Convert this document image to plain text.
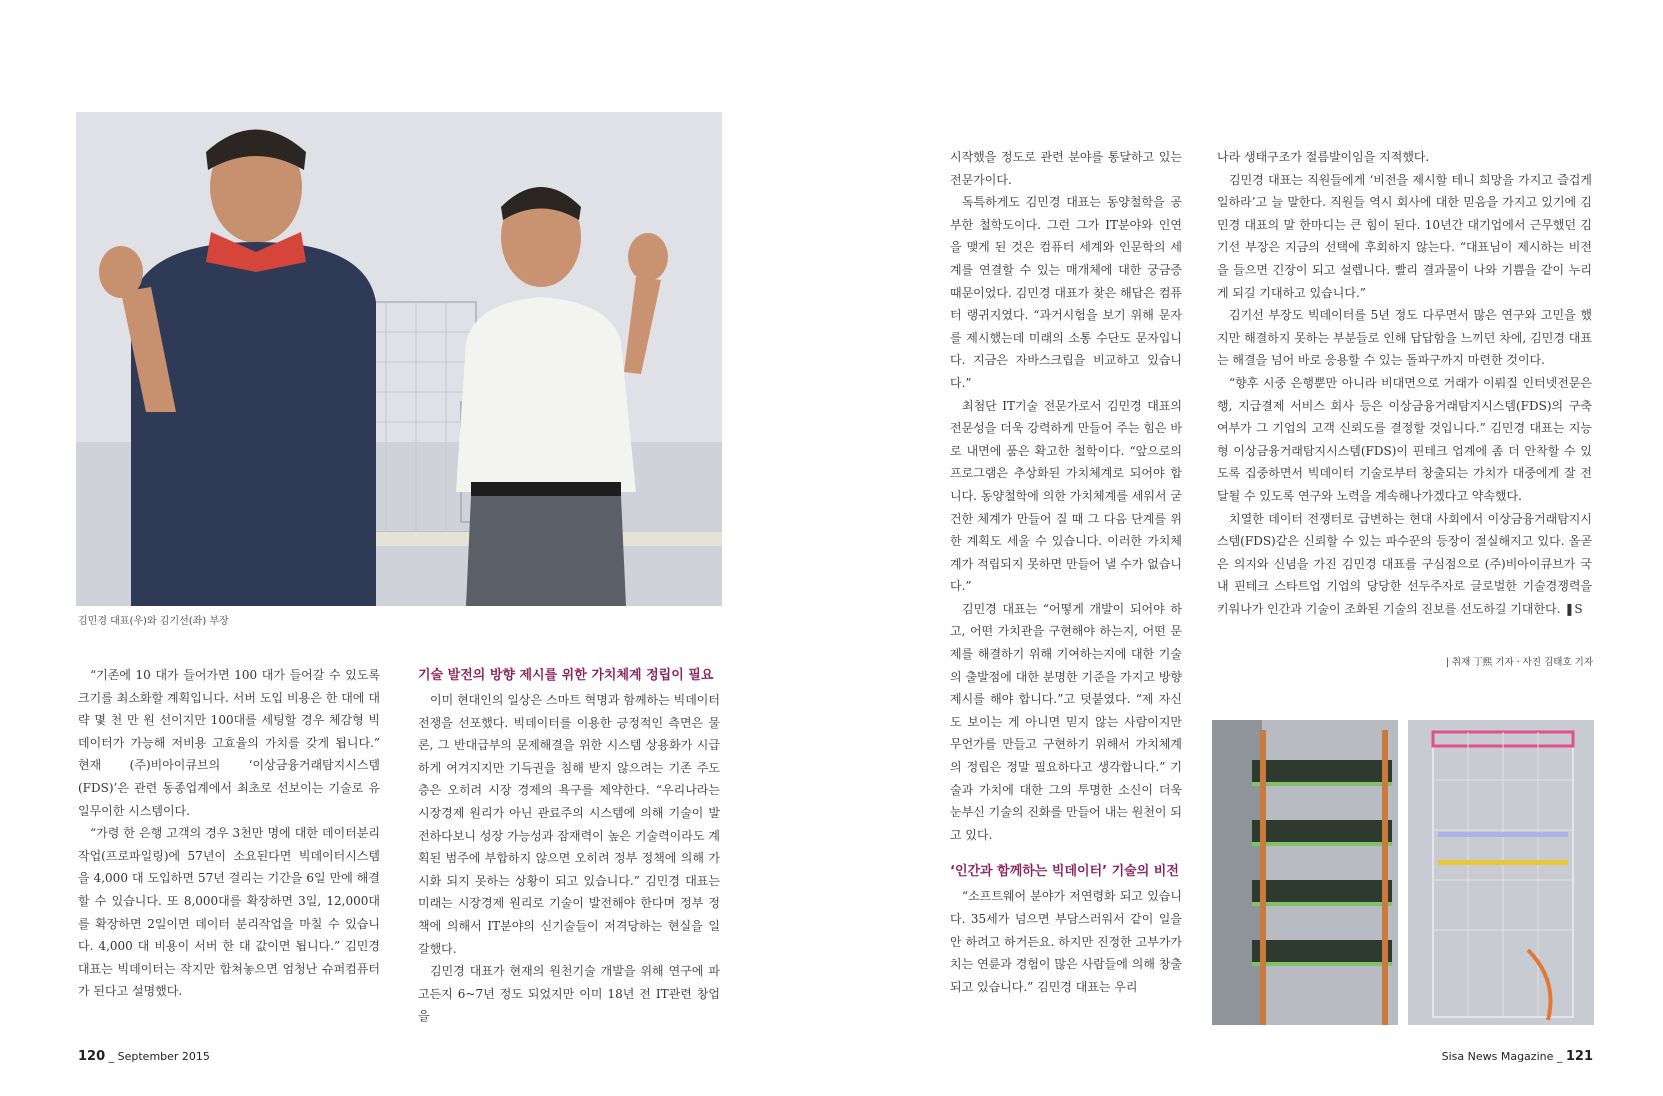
김민경 대표(우)와 김기선(좌) 부장

“기존에 10 대가 들어가면 100 대가 들어갈 수 있도록 크기를 최소화할 계획입니다. 서버 도입 비용은 한 대에 대략 몇 천 만 원 선이지만 100대를 세팅할 경우 체감형 빅데이터가 가능해 저비용 고효율의 가치를 갖게 됩니다.” 현재 (주)비아이큐브의 ‘이상금융거래탐지시스템(FDS)’은 관련 동종업계에서 최초로 선보이는 기술로 유일무이한 시스템이다.

“가령 한 은행 고객의 경우 3천만 명에 대한 데이터분리작업(프로파일링)에 57년이 소요된다면 빅데이터시스템을 4,000 대 도입하면 57년 걸리는 기간을 6일 만에 해결할 수 있습니다. 또 8,000대를 확장하면 3일, 12,000대를 확장하면 2일이면 데이터 분리작업을 마칠 수 있습니다. 4,000 대 비용이 서버 한 대 값이면 됩니다.” 김민경 대표는 빅데이터는 작지만 합쳐놓으면 엄청난 슈퍼컴퓨터가 된다고 설명했다.

기술 발전의 방향 제시를 위한 가치체계 정립이 필요

이미 현대인의 일상은 스마트 혁명과 함께하는 빅데이터 전쟁을 선포했다. 빅데이터를 이용한 긍정적인 측면은 물론, 그 반대급부의 문제해결을 위한 시스템 상용화가 시급하게 여겨지지만 기득권을 침해 받지 않으려는 기존 주도층은 오히려 시장 경제의 욕구를 제약한다. “우리나라는 시장경제 원리가 아닌 관료주의 시스템에 의해 기술이 발전하다보니 성장 가능성과 잠재력이 높은 기술력이라도 계획된 범주에 부합하지 않으면 오히려 정부 정책에 의해 가시화 되지 못하는 상황이 되고 있습니다.” 김민경 대표는 미래는 시장경제 원리로 기술이 발전해야 한다며 정부 정책에 의해서 IT분야의 신기술들이 저격당하는 현실을 일갈했다.

김민경 대표가 현재의 원천기술 개발을 위해 연구에 파고든지 6~7년 정도 되었지만 이미 18년 전 IT관련 창업을

120 _ September 2015

시작했을 정도로 관련 분야를 통달하고 있는 전문가이다.

독특하게도 김민경 대표는 동양철학을 공부한 철학도이다. 그런 그가 IT분야와 인연을 맺게 된 것은 컴퓨터 세계와 인문학의 세계를 연결할 수 있는 매개체에 대한 궁금증 때문이었다. 김민경 대표가 찾은 해답은 컴퓨터 랭귀지였다. “과거시험을 보기 위해 문자를 제시했는데 미래의 소통 수단도 문자입니다. 지금은 자바스크립을 비교하고 있습니다.”

최첨단 IT기술 전문가로서 김민경 대표의 전문성을 더욱 강력하게 만들어 주는 힘은 바로 내면에 품은 확고한 철학이다. “앞으로의 프로그램은 추상화된 가치체계로 되어야 합니다. 동양철학에 의한 가치체계를 세워서 굳건한 체계가 만들어 질 때 그 다음 단계를 위한 계획도 세울 수 있습니다. 이러한 가치체계가 적립되지 못하면 만들어 낼 수가 없습니다.”

김민경 대표는 “어떻게 개발이 되어야 하고, 어떤 가치관을 구현해야 하는지, 어떤 문제를 해결하기 위해 기여하는지에 대한 기술의 출발점에 대한 분명한 기준을 가지고 방향 제시를 해야 합니다.”고 덧붙였다. “제 자신도 보이는 게 아니면 믿지 않는 사람이지만 무언가를 만들고 구현하기 위해서 가치체계의 정립은 정말 필요하다고 생각합니다.” 기술과 가치에 대한 그의 투명한 소신이 더욱 눈부신 기술의 진화를 만들어 내는 원천이 되고 있다.

‘인간과 함께하는 빅데이터’ 기술의 비전

“소프트웨어 분야가 저연령화 되고 있습니다. 35세가 넘으면 부담스러워서 같이 일을 안 하려고 하거든요. 하지만 진정한 고부가가치는 연륜과 경험이 많은 사람들에 의해 창출되고 있습니다.” 김민경 대표는 우리

나라 생태구조가 절름발이임을 지적했다.

김민경 대표는 직원들에게 ‘비전을 제시할 테니 희망을 가지고 즐겁게 일하라’고 늘 말한다. 직원들 역시 회사에 대한 믿음을 가지고 있기에 김민경 대표의 말 한마디는 큰 힘이 된다. 10년간 대기업에서 근무했던 김기선 부장은 지금의 선택에 후회하지 않는다. “대표님이 제시하는 비전을 들으면 긴장이 되고 설렙니다. 빨리 결과물이 나와 기쁨을 같이 누리게 되길 기대하고 있습니다.”

김기선 부장도 빅데이터를 5년 정도 다루면서 많은 연구와 고민을 했지만 해결하지 못하는 부분들로 인해 답답함을 느끼던 차에, 김민경 대표는 해결을 넘어 바로 응용할 수 있는 돌파구까지 마련한 것이다.

“향후 시중 은행뿐만 아니라 비대면으로 거래가 이뤄질 인터넷전문은행, 지급결제 서비스 회사 등은 이상금융거래탐지시스템(FDS)의 구축 여부가 그 기업의 고객 신뢰도를 결정할 것입니다.” 김민경 대표는 지능형 이상금융거래탐지시스템(FDS)이 핀테크 업계에 좀 더 안착할 수 있도록 집중하면서 빅데이터 기술로부터 창출되는 가치가 대중에게 잘 전달될 수 있도록 연구와 노력을 계속해나가겠다고 약속했다.

치열한 데이터 전쟁터로 급변하는 현대 사회에서 이상금융거래탐지시스템(FDS)같은 신뢰할 수 있는 파수꾼의 등장이 절실해지고 있다. 올곧은 의지와 신념을 가진 김민경 대표를 구심점으로 (주)비아이큐브가 국내 핀테크 스타트업 기업의 당당한 선두주자로 글로벌한 기술경쟁력을 키워나가 인간과 기술이 조화된 기술의 진보를 선도하길 기대한다. ❚S

| 취재 丁熙 기자 · 사진 김태호 기자
Sisa News Magazine _ 121
